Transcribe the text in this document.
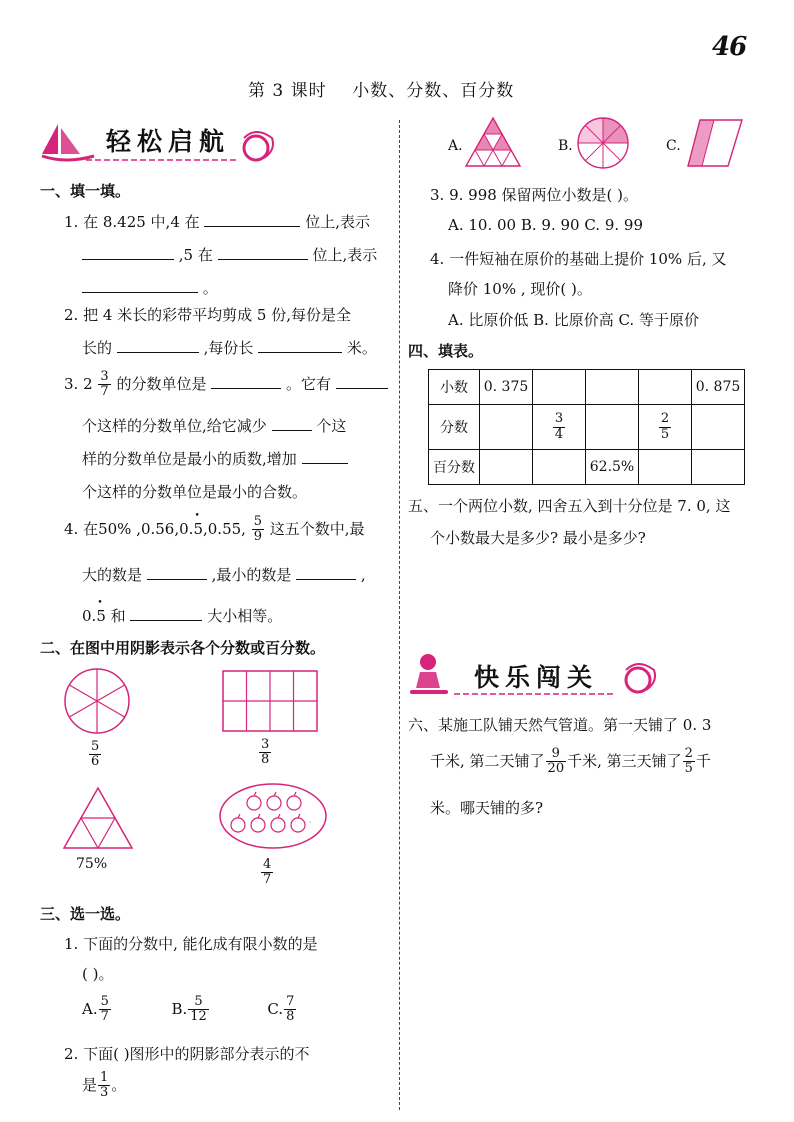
46
第 3 课时    小数、分数、百分数
轻松启航
一、填一填。
1. 在 8.425 中,4 在	位上,表示
,5 在	位上,表示
。
2. 把 4 米长的彩带平均剪成 5 份,每份是全
长的	,每份长	米。
3. $2 \frac{3}{7}$ 的分数单位是	。它有
个这样的分数单位,给它减少	个这
样的分数单位是最小的质数,增加
个这样的分数单位是最小的合数。
4. 在50% ,0.56,0.• 5,0.55, $\frac{5}{9}$ 这五个数中,最
大的数是	,最小的数是	,
0.• 5 和	大小相等。
二、在图中用阴影表示各个分数或百分数。
$\frac{5}{6}$	$\frac{3}{8}$
75%	$\frac{4}{7}$
三、选一选。
1. 下面的分数中, 能化成有限小数的是
( )。
A. $\frac{5}{7}$	B. $\frac{5}{12}$	C. $\frac{7}{8}$
2. 下面( )图形中的阴影部分表示的不
是 $\frac{1}{3}$ 。
A.	B.	C.
3. 9. 998 保留两位小数是( )。
A. 10. 00 B. 9. 90 C. 9. 99
4. 一件短袖在原价的基础上提价 10% 后, 又
降价 10% , 现价( )。
A. 比原价低 B. 比原价高 C. 等于原价
四、填表。
小数	0. 375				0. 875
分数		$\frac{3}{4}$		$\frac{2}{5}$

百分数			62.5%		
五、一个两位小数, 四舍五入到十分位是 7. 0, 这
个小数最大是多少? 最小是多少?
快乐闯关
六、某施工队铺天然气管道。第一天铺了 0. 3
千米, 第二天铺了 $\frac{9}{20}$ 千米, 第三天铺了 $\frac{2}{5}$ 千
米。哪天铺的多?
